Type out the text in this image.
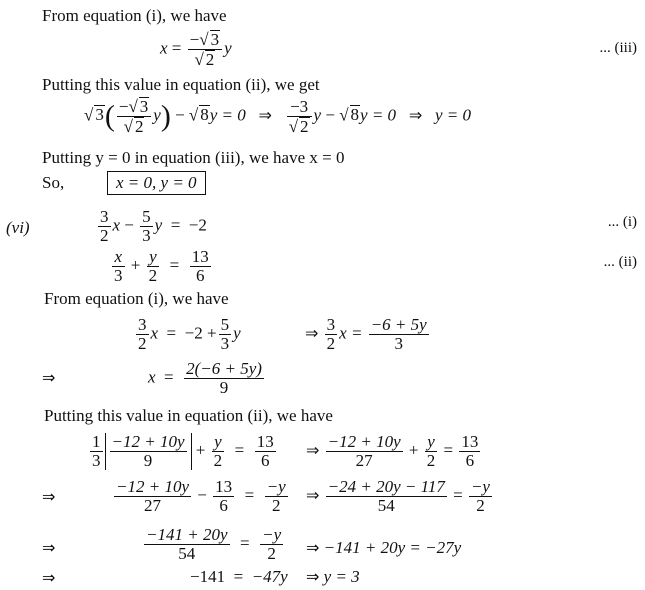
From equation (i), we have
$x = \frac{-√ 3}{√ 2}$ y	... (iii)
Putting this value in equation (ii), we get
√ $3( \frac{-√ 3}{√ 2} y)$ − √ 8y = 0 ⇒ $\frac{-3}{√ 2}$ y − √ 8y = 0 ⇒ y = 0
Putting y = 0 in equation (iii), we have x = 0
So,	x = 0, y = 0
(vi)	$\frac{3}{2}$ $x - \frac{5}{3}$ y = −2	... (i)
$\frac{x}{3} + \frac{y}{2} = \frac{13}{6}$	... (ii)
From equation (i), we have
$\frac{3}{2}$ $x = -2 + \frac{5}{3}$ y	⇒ $\frac{3}{2}$ $x = \frac{-6 + 5y}{3}$
⇒	$x = \frac{2(-6 + 5y)}{9}$
Putting this value in equation (ii), we have
$\frac{1}{3} \frac{-12 + 10y}{9} + \frac{y}{2} = \frac{13}{6}$ ⇒ $\frac{-12 + 10y}{27} + \frac{y}{2} = \frac{13}{6}$
⇒	$\frac{-12 + 10y}{27} - \frac{13}{6} = \frac{-y}{2}$ ⇒ $\frac{-24 + 20y - 117}{54} = \frac{-y}{2}$
⇒	$\frac{-141 + 20y}{54} = \frac{-y}{2}$ ⇒ −141 + 20y = −27y
⇒	−141 = −47y ⇒ y = 3
